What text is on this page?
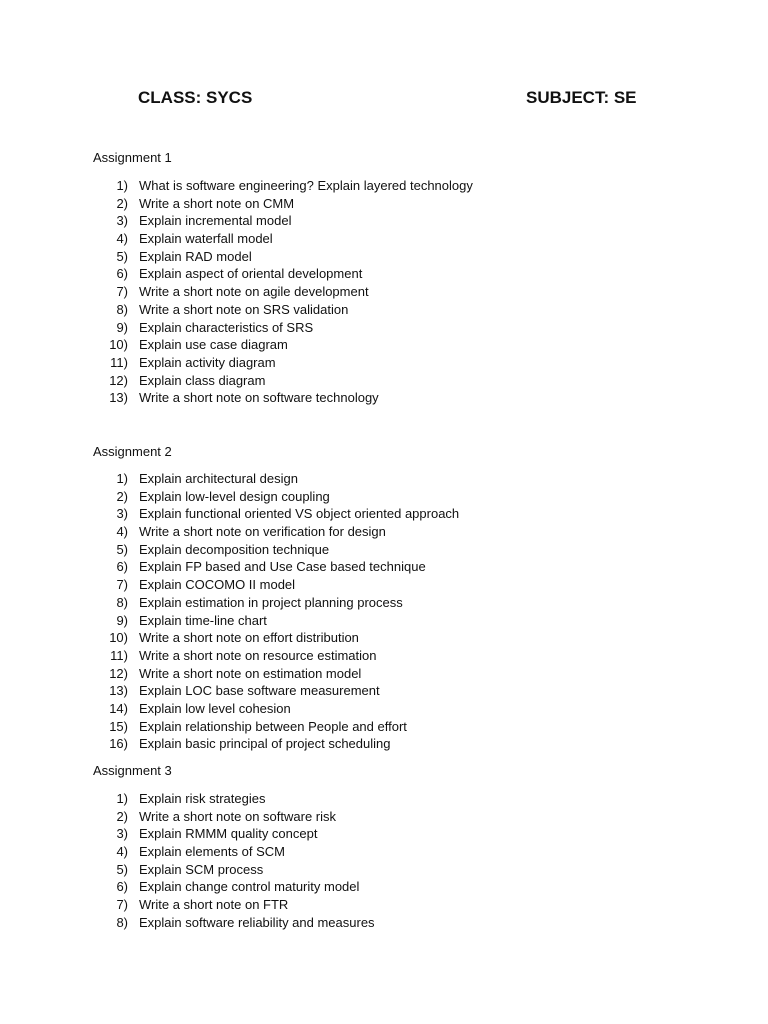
CLASS: SYCS	SUBJECT: SE
Assignment 1
1) What is software engineering? Explain layered technology
2) Write a short note on CMM
3) Explain incremental model
4) Explain waterfall model
5) Explain RAD model
6) Explain aspect of oriental development
7) Write a short note on agile development
8) Write a short note on SRS validation
9) Explain characteristics of SRS
10) Explain use case diagram
11) Explain activity diagram
12) Explain class diagram
13) Write a short note on software technology
Assignment 2
1) Explain architectural design
2) Explain low-level design coupling
3) Explain functional oriented VS object oriented approach
4) Write a short note on verification for design
5) Explain decomposition technique
6) Explain FP based and Use Case based technique
7) Explain COCOMO II model
8) Explain estimation in project planning process
9) Explain time-line chart
10) Write a short note on effort distribution
11) Write a short note on resource estimation
12) Write a short note on estimation model
13) Explain LOC base software measurement
14) Explain low level cohesion
15) Explain relationship between People and effort
16) Explain basic principal of project scheduling
Assignment 3
1) Explain risk strategies
2) Write a short note on software risk
3) Explain RMMM quality concept
4) Explain elements of SCM
5) Explain SCM process
6) Explain change control maturity model
7) Write a short note on FTR
8) Explain software reliability and measures
